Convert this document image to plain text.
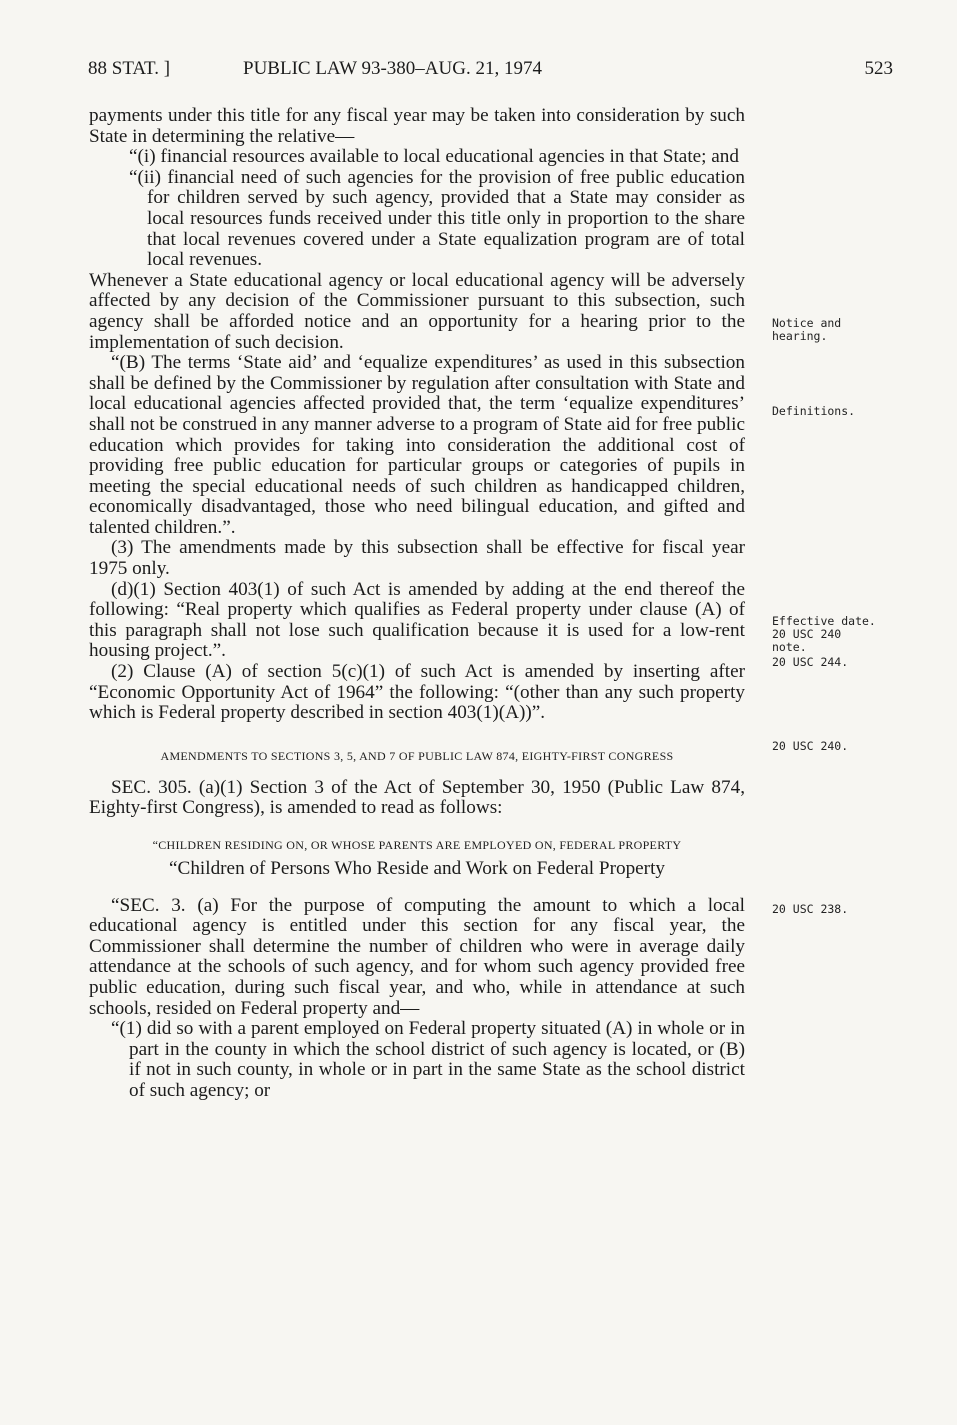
88 STAT. ]	PUBLIC LAW 93-380–AUG. 21, 1974	523

payments under this title for any fiscal year may be taken into consideration by such State in determining the relative—

“(i) financial resources available to local educational agencies in that State; and

“(ii) financial need of such agencies for the provision of free public education for children served by such agency, provided that a State may consider as local resources funds received under this title only in proportion to the share that local revenues covered under a State equalization program are of total local revenues.

Whenever a State educational agency or local educational agency will be adversely affected by any decision of the Commissioner pursuant to this subsection, such agency shall be afforded notice and an opportunity for a hearing prior to the implementation of such decision.

“(B) The terms ‘State aid’ and ‘equalize expenditures’ as used in this subsection shall be defined by the Commissioner by regulation after consultation with State and local educational agencies affected provided that, the term ‘equalize expenditures’ shall not be construed in any manner adverse to a program of State aid for free public education which provides for taking into consideration the additional cost of providing free public education for particular groups or categories of pupils in meeting the special educational needs of such children as handicapped children, economically disadvantaged, those who need bilingual education, and gifted and talented children.”.

(3) The amendments made by this subsection shall be effective for fiscal year 1975 only.

(d)(1) Section 403(1) of such Act is amended by adding at the end thereof the following: “Real property which qualifies as Federal property under clause (A) of this paragraph shall not lose such qualification because it is used for a low-rent housing project.”.

(2) Clause (A) of section 5(c)(1) of such Act is amended by inserting after “Economic Opportunity Act of 1964” the following: “(other than any such property which is Federal property described in section 403(1)(A))”.

AMENDMENTS TO SECTIONS 3, 5, AND 7 OF PUBLIC LAW 874, EIGHTY-FIRST CONGRESS

SEC. 305. (a)(1) Section 3 of the Act of September 30, 1950 (Public Law 874, Eighty-first Congress), is amended to read as follows:

“CHILDREN RESIDING ON, OR WHOSE PARENTS ARE EMPLOYED ON, FEDERAL PROPERTY

“Children of Persons Who Reside and Work on Federal Property

“SEC. 3. (a) For the purpose of computing the amount to which a local educational agency is entitled under this section for any fiscal year, the Commissioner shall determine the number of children who were in average daily attendance at the schools of such agency, and for whom such agency provided free public education, during such fiscal year, and who, while in attendance at such schools, resided on Federal property and—

“(1) did so with a parent employed on Federal property situated (A) in whole or in part in the county in which the school district of such agency is located, or (B) if not in such county, in whole or in part in the same State as the school district of such agency; or

Notice and hearing.
Definitions.
Effective date.
20 USC 240 note.
20 USC 244.
20 USC 240.
20 USC 238.
